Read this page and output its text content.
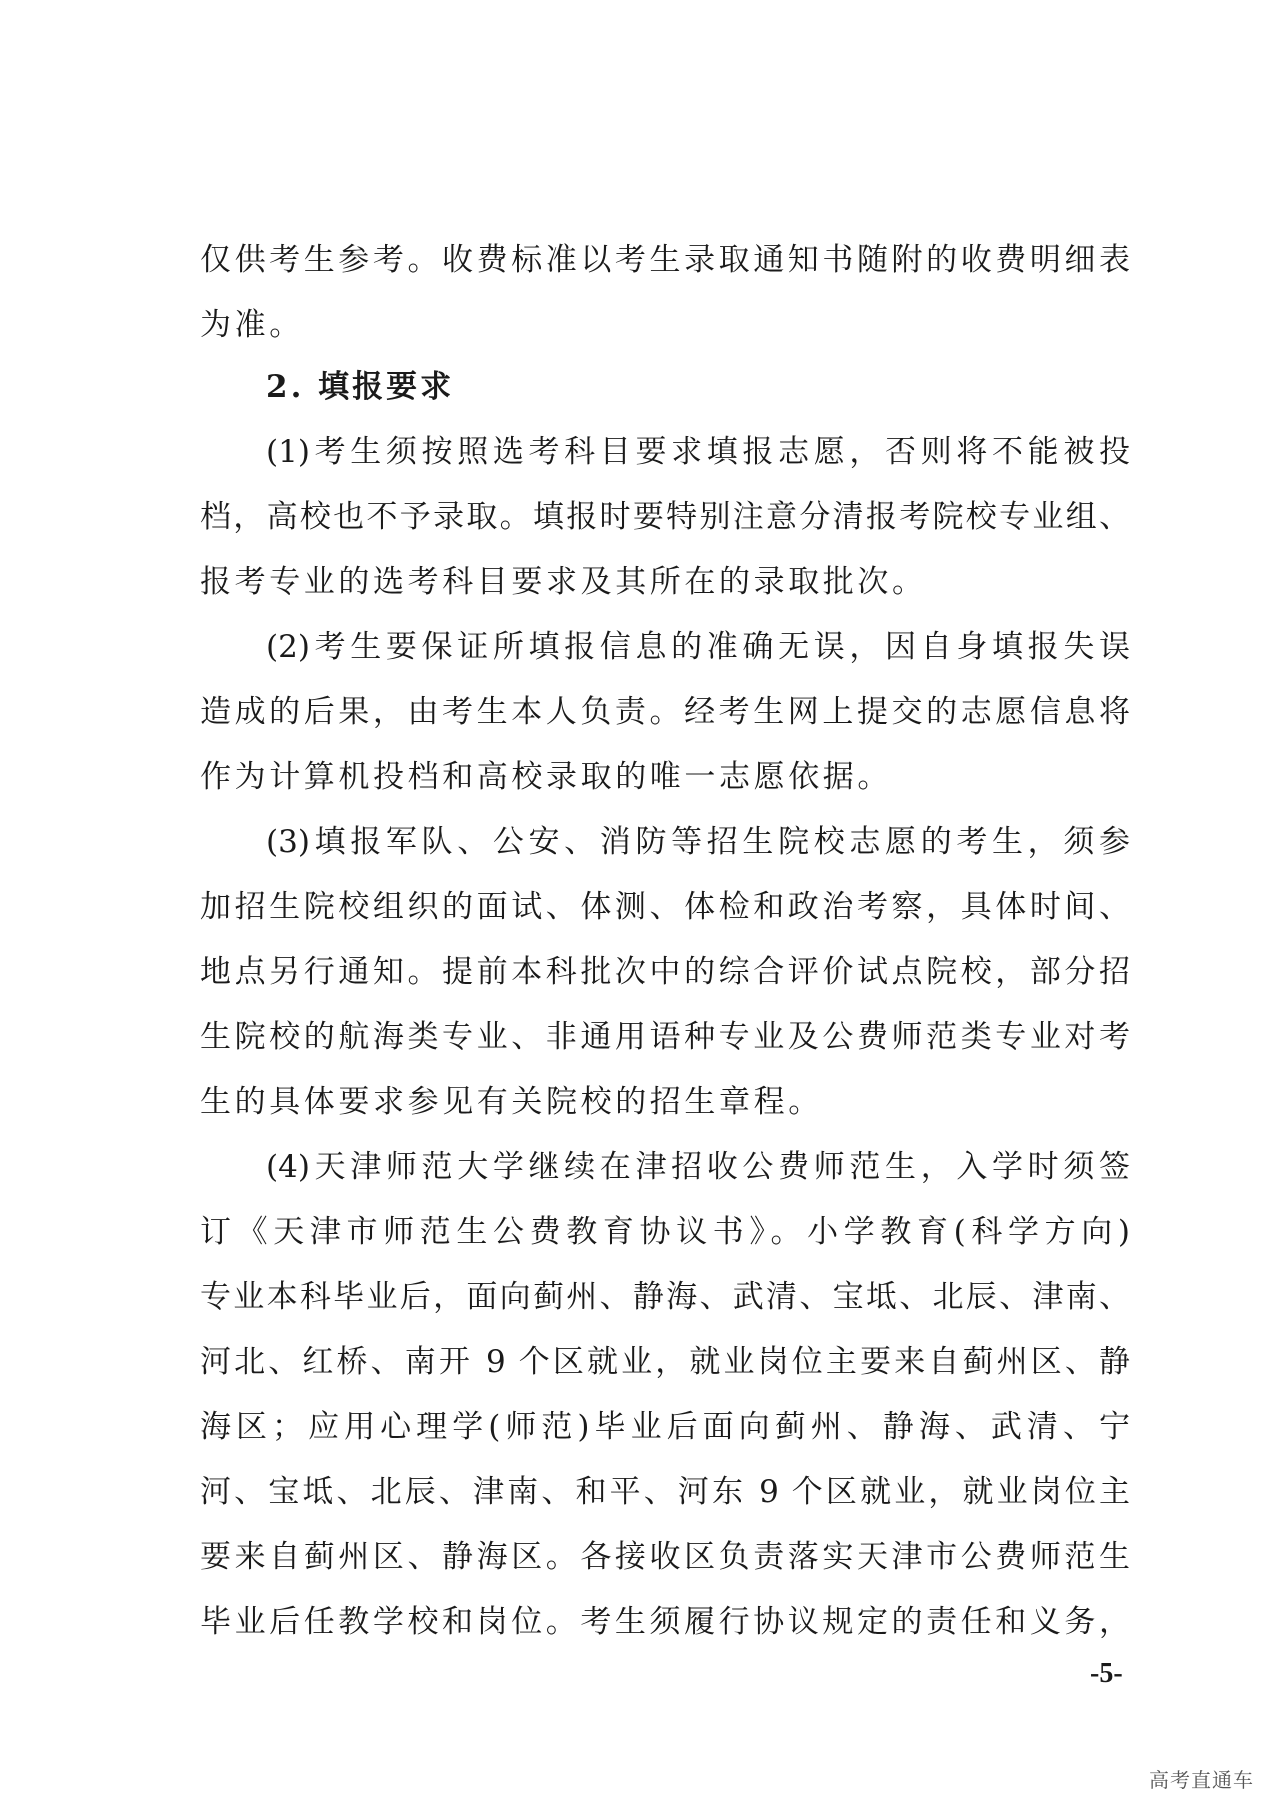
仅供考生参考。收费标准以考生录取通知书随附的收费明细表
为准。
2. 填报要求
(1)考生须按照选考科目要求填报志愿，否则将不能被投
档，高校也不予录取。填报时要特别注意分清报考院校专业组、
报考专业的选考科目要求及其所在的录取批次。
(2)考生要保证所填报信息的准确无误，因自身填报失误
造成的后果，由考生本人负责。经考生网上提交的志愿信息将
作为计算机投档和高校录取的唯一志愿依据。
(3)填报军队、公安、消防等招生院校志愿的考生，须参
加招生院校组织的面试、体测、体检和政治考察，具体时间、
地点另行通知。提前本科批次中的综合评价试点院校，部分招
生院校的航海类专业、非通用语种专业及公费师范类专业对考
生的具体要求参见有关院校的招生章程。
(4)天津师范大学继续在津招收公费师范生，入学时须签
订《天津市师范生公费教育协议书》。小学教育(科学方向)
专业本科毕业后，面向蓟州、静海、武清、宝坻、北辰、津南、
河北、红桥、南开 9 个区就业，就业岗位主要来自蓟州区、静
海区；应用心理学(师范)毕业后面向蓟州、静海、武清、宁
河、宝坻、北辰、津南、和平、河东 9 个区就业，就业岗位主
要来自蓟州区、静海区。各接收区负责落实天津市公费师范生
毕业后任教学校和岗位。考生须履行协议规定的责任和义务，
-5-
高考直通车
